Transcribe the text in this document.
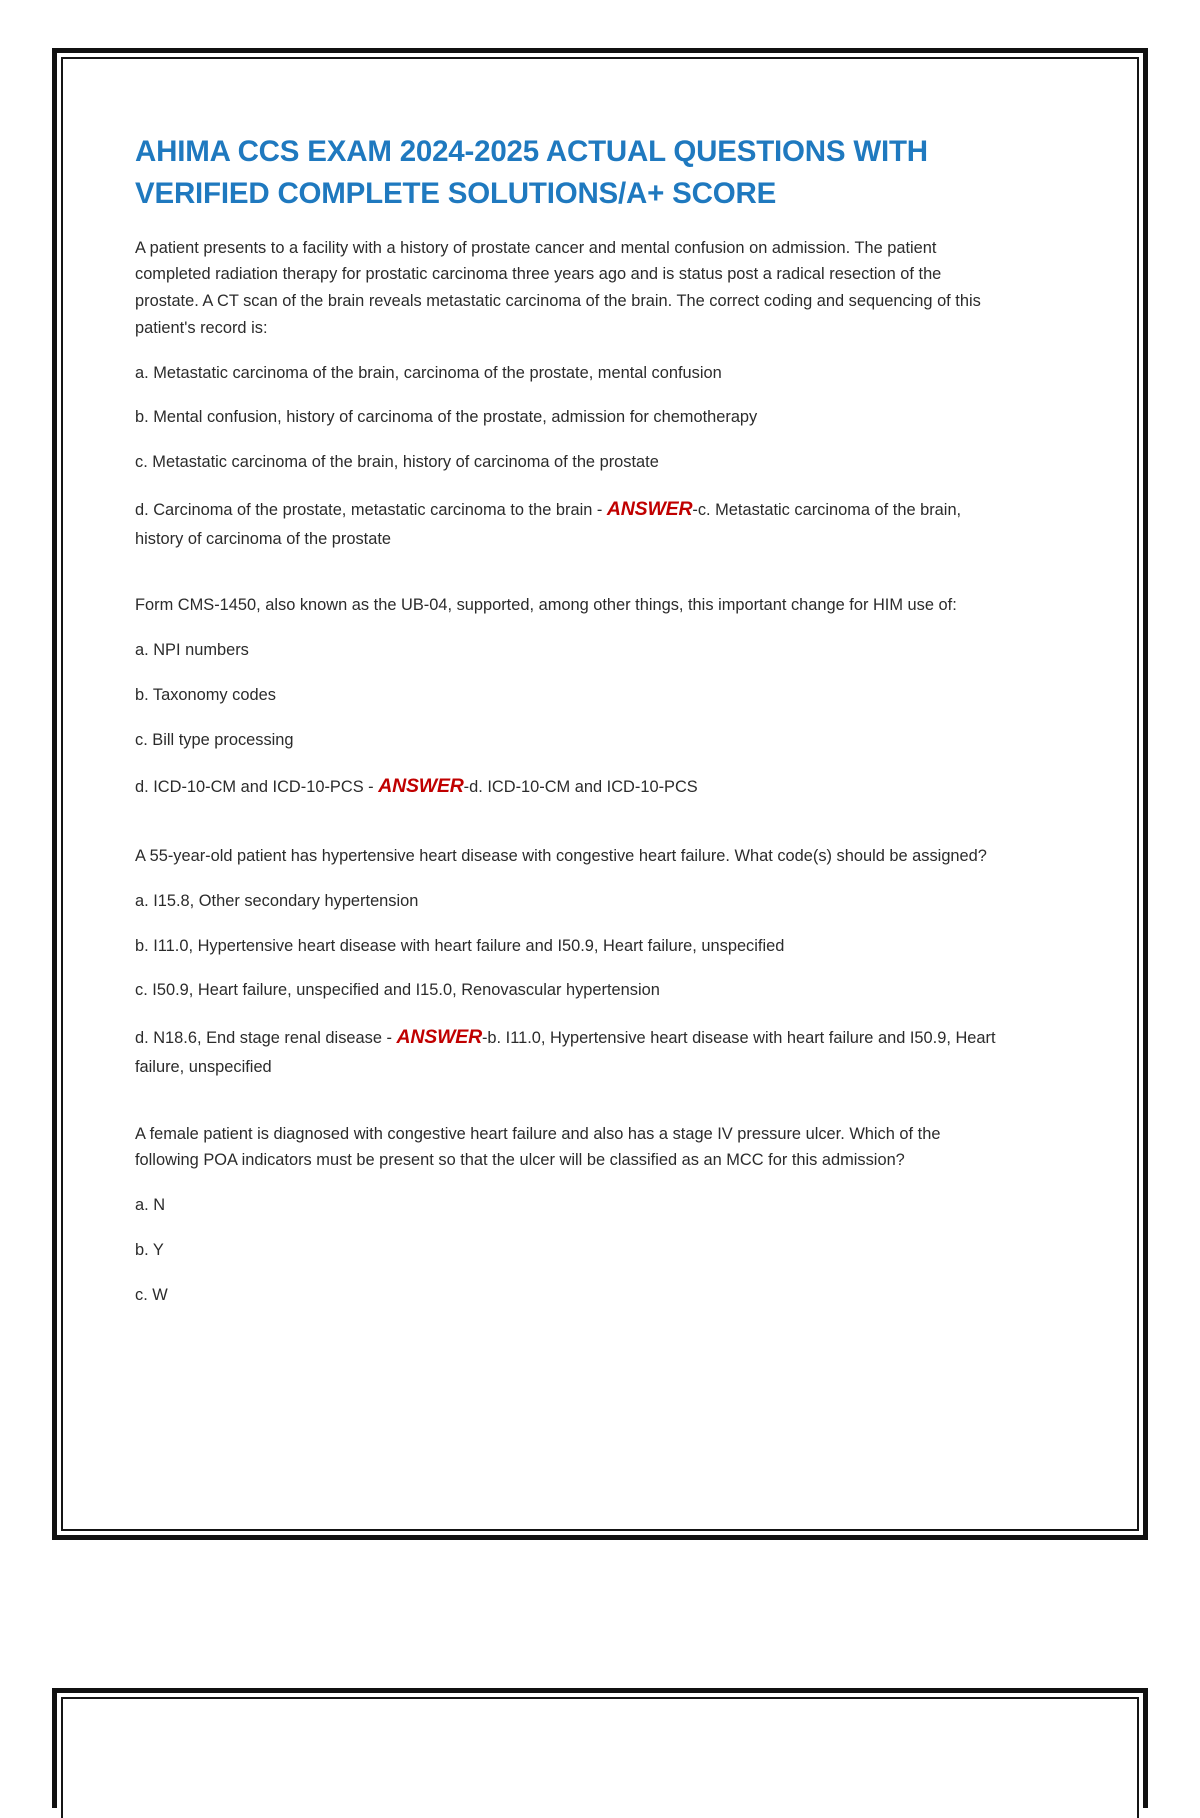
AHIMA CCS EXAM 2024-2025 ACTUAL QUESTIONS WITH VERIFIED COMPLETE SOLUTIONS/A+ SCORE

A patient presents to a facility with a history of prostate cancer and mental confusion on admission. The patient completed radiation therapy for prostatic carcinoma three years ago and is status post a radical resection of the prostate. A CT scan of the brain reveals metastatic carcinoma of the brain. The correct coding and sequencing of this patient's record is:

a. Metastatic carcinoma of the brain, carcinoma of the prostate, mental confusion

b. Mental confusion, history of carcinoma of the prostate, admission for chemotherapy

c. Metastatic carcinoma of the brain, history of carcinoma of the prostate

d. Carcinoma of the prostate, metastatic carcinoma to the brain - ANSWER-c. Metastatic carcinoma of the brain, history of carcinoma of the prostate

Form CMS-1450, also known as the UB-04, supported, among other things, this important change for HIM use of:

a. NPI numbers

b. Taxonomy codes

c. Bill type processing

d. ICD-10-CM and ICD-10-PCS - ANSWER-d. ICD-10-CM and ICD-10-PCS

A 55-year-old patient has hypertensive heart disease with congestive heart failure. What code(s) should be assigned?

a. I15.8, Other secondary hypertension

b. I11.0, Hypertensive heart disease with heart failure and I50.9, Heart failure, unspecified

c. I50.9, Heart failure, unspecified and I15.0, Renovascular hypertension

d. N18.6, End stage renal disease - ANSWER-b. I11.0, Hypertensive heart disease with heart failure and I50.9, Heart failure, unspecified

A female patient is diagnosed with congestive heart failure and also has a stage IV pressure ulcer. Which of the following POA indicators must be present so that the ulcer will be classified as an MCC for this admission?

a. N

b. Y

c. W
